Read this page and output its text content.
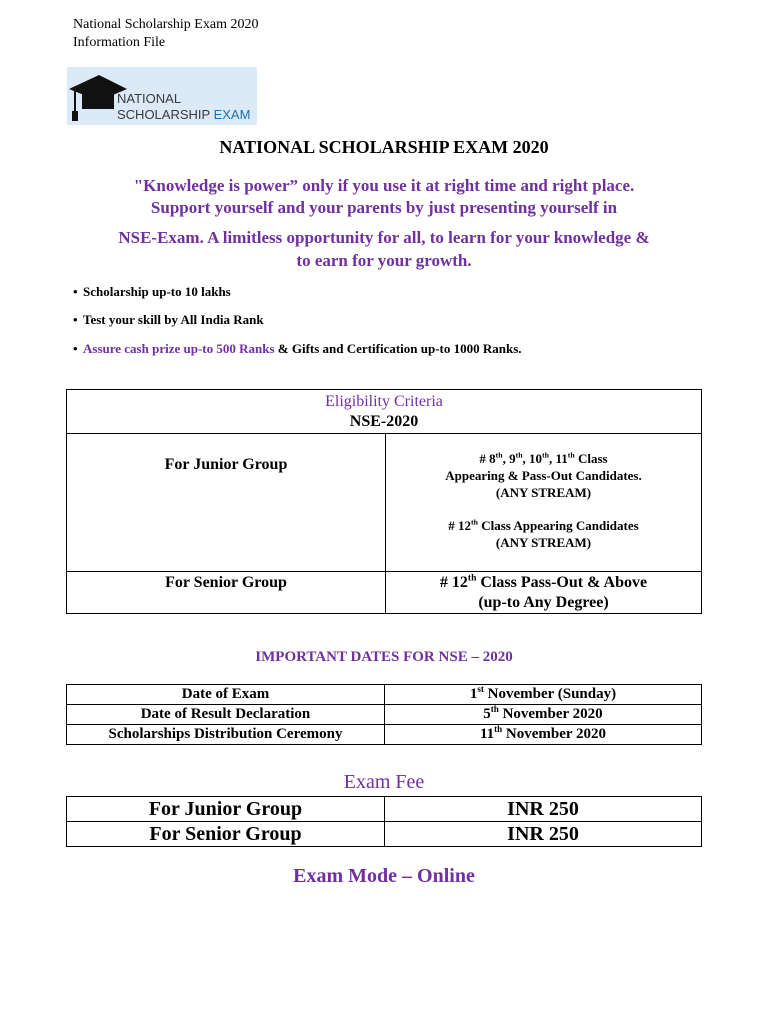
National Scholarship Exam 2020
Information File
NATIONAL
SCHOLARSHIP EXAM
NATIONAL SCHOLARSHIP EXAM 2020
"Knowledge is power” only if you use it at right time and right place.
Support yourself and your parents by just presenting yourself in
NSE-Exam. A limitless opportunity for all, to learn for your knowledge &
to earn for your growth.
• Scholarship up-to 10 lakhs
• Test your skill by All India Rank
• Assure cash prize up-to 500 Ranks & Gifts and Certification up-to 1000 Ranks.
Eligibility Criteria
NSE-2020	

For Junior Group	# 8th, 9th, 10th, 11th Class
Appearing & Pass-Out Candidates.
(ANY STREAM)
# 12th Class Appearing Candidates
(ANY STREAM)

For Senior Group	# 12th Class Pass-Out & Above
(up-to Any Degree)
IMPORTANT DATES FOR NSE – 2020
Date of Exam	1st November (Sunday)
Date of Result Declaration	5th November 2020
Scholarships Distribution Ceremony	11th November 2020
Exam Fee
For Junior Group	INR 250
For Senior Group	INR 250
Exam Mode – Online
